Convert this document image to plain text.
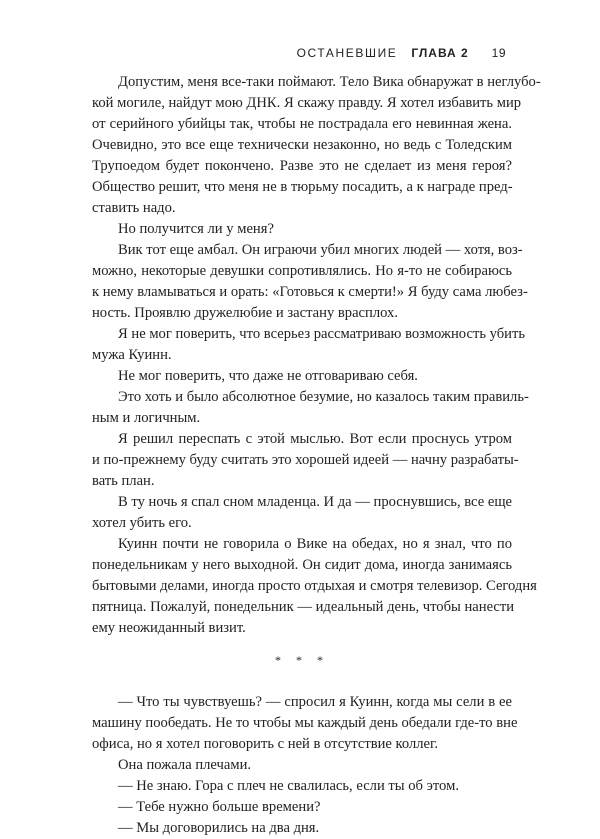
ОСТАНЕВШИЕ ГЛАВА 2 19

Допустим, меня все-таки поймают. Тело Вика обнаружат в неглубо-
кой могиле, найдут мою ДНК. Я скажу правду. Я хотел избавить мир
от серийного убийцы так, чтобы не пострадала его невинная жена.
Очевидно, это все еще технически незаконно, но ведь с Толедским
Трупоедом будет покончено. Разве это не сделает из меня героя?
Общество решит, что меня не в тюрьму посадить, а к награде пред-
ставить надо.

Но получится ли у меня?

Вик тот еще амбал. Он играючи убил многих людей — хотя, воз-
можно, некоторые девушки сопротивлялись. Но я-то не собираюсь
к нему вламываться и орать: «Готовься к смерти!» Я буду сама любез-
ность. Проявлю дружелюбие и застану врасплох.

Я не мог поверить, что всерьез рассматриваю возможность убить
мужа Куинн.

Не мог поверить, что даже не отговариваю себя.

Это хоть и было абсолютное безумие, но казалось таким правиль-
ным и логичным.

Я решил переспать с этой мыслью. Вот если проснусь утром
и по-прежнему буду считать это хорошей идеей — начну разрабаты-
вать план.

В ту ночь я спал сном младенца. И да — проснувшись, все еще
хотел убить его.

Куинн почти не говорила о Вике на обедах, но я знал, что по
понедельникам у него выходной. Он сидит дома, иногда занимаясь
бытовыми делами, иногда просто отдыхая и смотря телевизор. Сегодня
пятница. Пожалуй, понедельник — идеальный день, чтобы нанести
ему неожиданный визит.

* * *

— Что ты чувствуешь? — спросил я Куинн, когда мы сели в ее
машину пообедать. Не то чтобы мы каждый день обедали где-то вне
офиса, но я хотел поговорить с ней в отсутствие коллег.

Она пожала плечами.

— Не знаю. Гора с плеч не свалилась, если ты об этом.

— Тебе нужно больше времени?

— Мы договорились на два дня.
